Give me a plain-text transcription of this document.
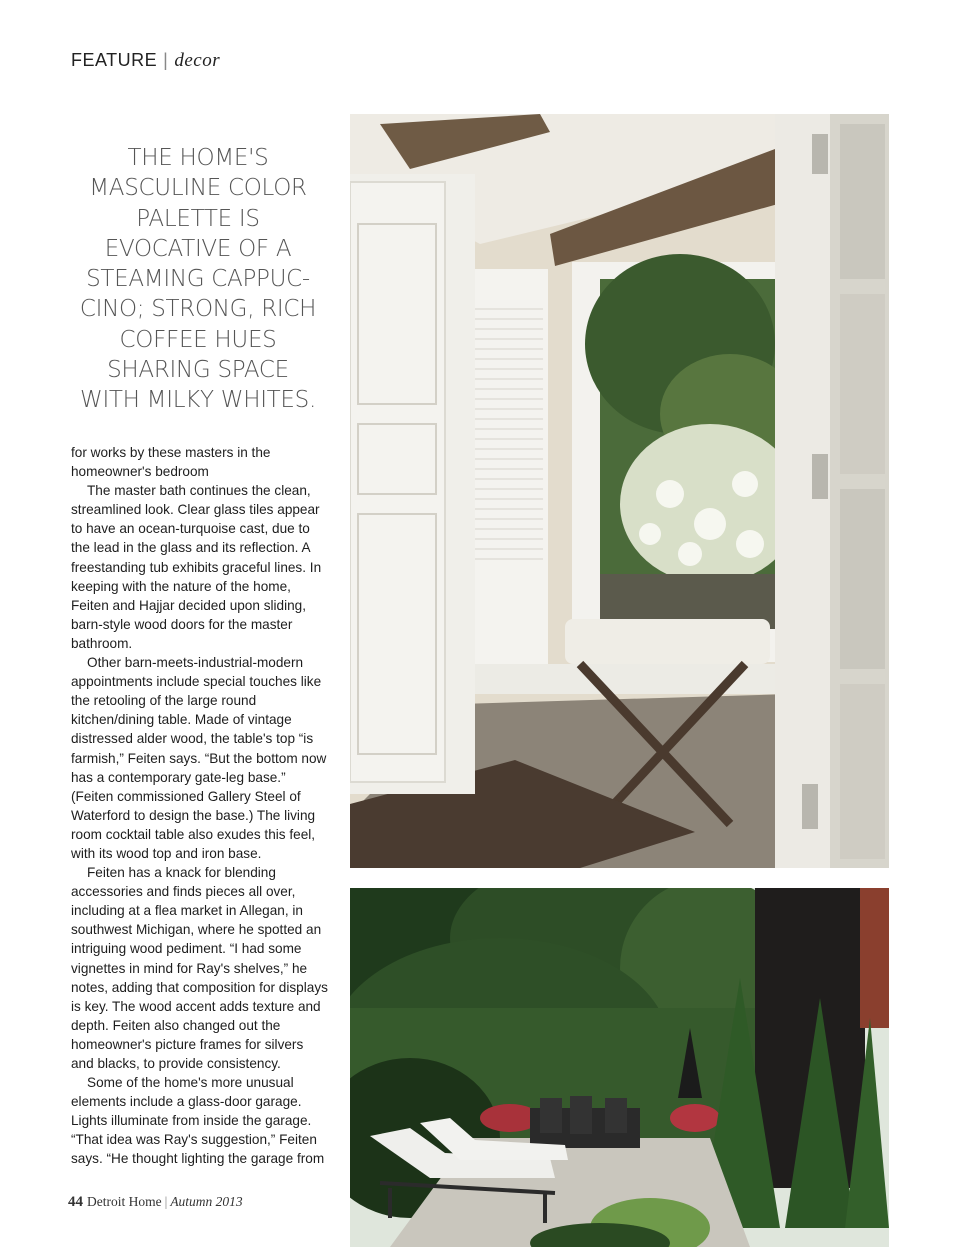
FEATURE | decor
THE HOME'S
MASCULINE COLOR
PALETTE IS
EVOCATIVE OF A
STEAMING CAPPUC-
CINO; STRONG, RICH
COFFEE HUES
SHARING SPACE
WITH MILKY WHITES.

for works by these masters in the homeowner's bedroom

The master bath continues the clean, streamlined look. Clear glass tiles appear to have an ocean-turquoise cast, due to the lead in the glass and its reflection. A freestanding tub exhibits graceful lines. In keeping with the nature of the home, Feiten and Hajjar decided upon sliding, barn-style wood doors for the master bathroom.

Other barn-meets-industrial-modern appointments include special touches like the retooling of the large round kitchen/dining table. Made of vintage distressed alder wood, the table's top “is farmish,” Feiten says. “But the bottom now has a contemporary gate-leg base.” (Feiten commissioned Gallery Steel of Waterford to design the base.) The living room cocktail table also exudes this feel, with its wood top and iron base.

Feiten has a knack for blending accessories and finds pieces all over, including at a flea market in Allegan, in southwest Michigan, where he spotted an intriguing wood pediment. “I had some vignettes in mind for Ray's shelves,” he notes, adding that composition for displays is key. The wood accent adds texture and depth. Feiten also changed out the homeowner's picture frames for silvers and blacks, to provide consistency.

Some of the home's more unusual elements include a glass-door garage. Lights illuminate from inside the garage. “That idea was Ray's suggestion,” Feiten says. “He thought lighting the garage from

44 Detroit Home | Autumn 2013
